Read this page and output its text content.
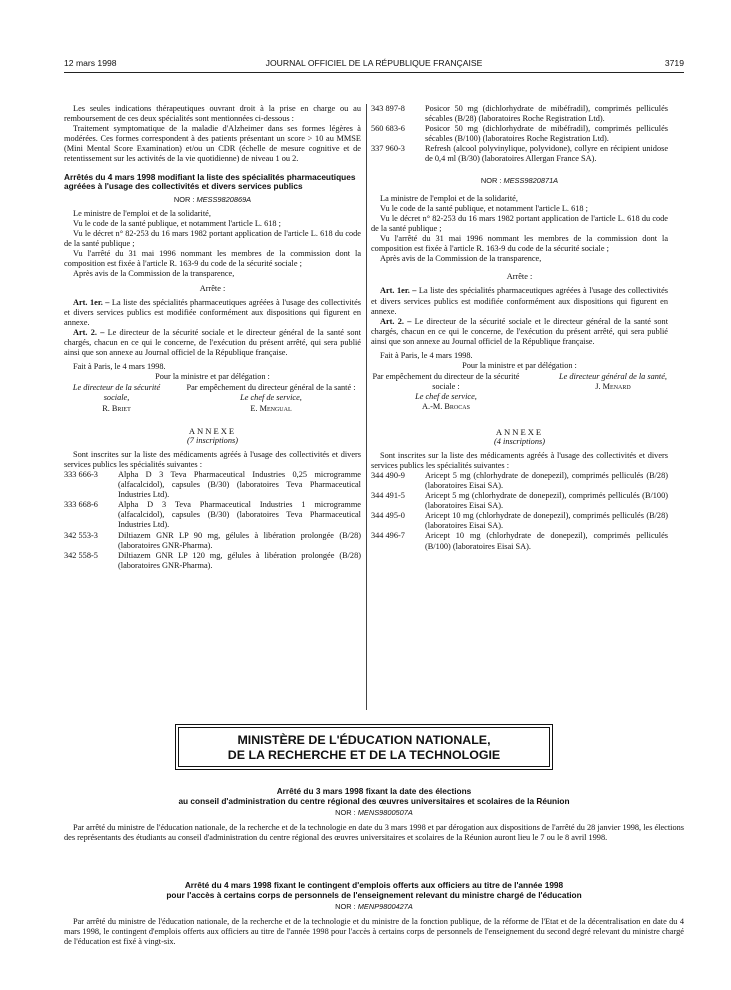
12 mars 1998	JOURNAL OFFICIEL DE LA RÉPUBLIQUE FRANÇAISE	3719

Les seules indications thérapeutiques ouvrant droit à la prise en charge ou au remboursement de ces deux spécialités sont mentionnées ci-dessous :

Traitement symptomatique de la maladie d'Alzheimer dans ses formes légères à modérées. Ces formes correspondent à des patients présentant un score > 10 au MMSE (Mini Mental Score Examination) et/ou un CDR (échelle de mesure cognitive et de retentissement sur les activités de la vie quotidienne) de niveau 1 ou 2.

Arrêtés du 4 mars 1998 modifiant la liste des spécialités pharmaceutiques agréées à l'usage des collectivités et divers services publics

NOR : MESS9820869A

Le ministre de l'emploi et de la solidarité,

Vu le code de la santé publique, et notamment l'article L. 618 ;

Vu le décret n° 82-253 du 16 mars 1982 portant application de l'article L. 618 du code de la santé publique ;

Vu l'arrêté du 31 mai 1996 nommant les membres de la commission dont la composition est fixée à l'article R. 163-9 du code de la sécurité sociale ;

Après avis de la Commission de la transparence,

Arrête :

Art. 1er. – La liste des spécialités pharmaceutiques agréées à l'usage des collectivités et divers services publics est modifiée conformément aux dispositions qui figurent en annexe.

Art. 2. – Le directeur de la sécurité sociale et le directeur général de la santé sont chargés, chacun en ce qui le concerne, de l'exécution du présent arrêté, qui sera publié ainsi que son annexe au Journal officiel de la République française.

Fait à Paris, le 4 mars 1998.

Pour la ministre et par délégation :

Le directeur de la sécurité sociale,
R. Briet
Par empêchement du directeur général de la santé :
Le chef de service,
E. Mengual

ANNEXE

(7 inscriptions)

Sont inscrites sur la liste des médicaments agréés à l'usage des collectivités et divers services publics les spécialités suivantes :

333 666-3	Alpha D 3 Teva Pharmaceutical Industries 0,25 microgramme (alfacalcidol), capsules (B/30) (laboratoires Teva Pharmaceutical Industries Ltd).
333 668-6	Alpha D 3 Teva Pharmaceutical Industries 1 microgramme (alfacalcidol), capsules (B/30) (laboratoires Teva Pharmaceutical Industries Ltd).
342 553-3	Diltiazem GNR LP 90 mg, gélules à libération prolongée (B/28) (laboratoires GNR-Pharma).
342 558-5	Diltiazem GNR LP 120 mg, gélules à libération prolongée (B/28) (laboratoires GNR-Pharma).
343 897-8	Posicor 50 mg (dichlorhydrate de mibéfradil), comprimés pelliculés sécables (B/28) (laboratoires Roche Registration Ltd).
560 683-6	Posicor 50 mg (dichlorhydrate de mibéfradil), comprimés pelliculés sécables (B/100) (laboratoires Roche Registration Ltd).
337 960-3	Refresh (alcool polyvinylique, polyvidone), collyre en récipient unidose de 0,4 ml (B/30) (laboratoires Allergan France SA).

NOR : MESS9820871A

La ministre de l'emploi et de la solidarité,

Vu le code de la santé publique, et notamment l'article L. 618 ;

Vu le décret n° 82-253 du 16 mars 1982 portant application de l'article L. 618 du code de la santé publique ;

Vu l'arrêté du 31 mai 1996 nommant les membres de la commission dont la composition est fixée à l'article R. 163-9 du code de la sécurité sociale ;

Après avis de la Commission de la transparence,

Arrête :

Art. 1er. – La liste des spécialités pharmaceutiques agréées à l'usage des collectivités et divers services publics est modifiée conformément aux dispositions qui figurent en annexe.

Art. 2. – Le directeur de la sécurité sociale et le directeur général de la santé sont chargés, chacun en ce qui le concerne, de l'exécution du présent arrêté, qui sera publié ainsi que son annexe au Journal officiel de la République française.

Fait à Paris, le 4 mars 1998.

Pour la ministre et par délégation :

Par empêchement du directeur de la sécurité sociale :
Le chef de service,
A.-M. Brocas
Le directeur général de la santé,
J. Menard

ANNEXE

(4 inscriptions)

Sont inscrites sur la liste des médicaments agréés à l'usage des collectivités et divers services publics les spécialités suivantes :

344 490-9	Aricept 5 mg (chlorhydrate de donepezil), comprimés pelliculés (B/28) (laboratoires Eisai SA).
344 491-5	Aricept 5 mg (chlorhydrate de donepezil), comprimés pelliculés (B/100) (laboratoires Eisai SA).
344 495-0	Aricept 10 mg (chlorhydrate de donepezil), comprimés pelliculés (B/28) (laboratoires Eisai SA).
344 496-7	Aricept 10 mg (chlorhydrate de donepezil), comprimés pelliculés (B/100) (laboratoires Eisai SA).
MINISTÈRE DE L'ÉDUCATION NATIONALE,
DE LA RECHERCHE ET DE LA TECHNOLOGIE
Arrêté du 3 mars 1998 fixant la date des élections
au conseil d'administration du centre régional des œuvres universitaires et scolaires de la Réunion
NOR : MENS9800507A

Par arrêté du ministre de l'éducation nationale, de la recherche et de la technologie en date du 3 mars 1998 et par dérogation aux dispositions de l'arrêté du 28 janvier 1998, les élections des représentants des étudiants au conseil d'administration du centre régional des œuvres universitaires et scolaires de la Réunion auront lieu le 7 ou le 8 avril 1998.

Arrêté du 4 mars 1998 fixant le contingent d'emplois offerts aux officiers au titre de l'année 1998
pour l'accès à certains corps de personnels de l'enseignement relevant du ministre chargé de l'éducation
NOR : MENP9800427A

Par arrêté du ministre de l'éducation nationale, de la recherche et de la technologie et du ministre de la fonction publique, de la réforme de l'Etat et de la décentralisation en date du 4 mars 1998, le contingent d'emplois offerts aux officiers au titre de l'année 1998 pour l'accès à certains corps de personnels de l'enseignement du second degré relevant du ministre chargé de l'éducation est fixé à vingt-six.
